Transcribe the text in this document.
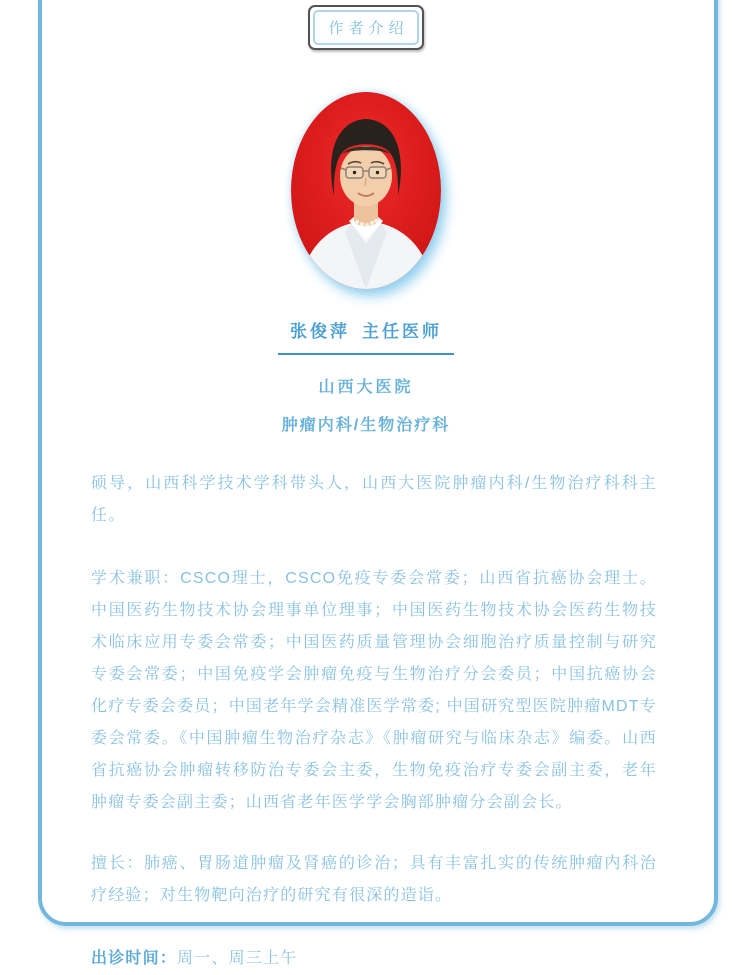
作者介绍
张俊萍 主任医师
山西大医院
肿瘤内科/生物治疗科
硕导，山西科学技术学科带头人，山西大医院肿瘤内科/生物治疗科科主任。
学术兼职：CSCO理士，CSCO免疫专委会常委；山西省抗癌协会理士。中国医药生物技术协会理事单位理事；中国医药生物技术协会医药生物技术临床应用专委会常委；中国医药质量管理协会细胞治疗质量控制与研究专委会常委；中国免疫学会肿瘤免疫与生物治疗分会委员；中国抗癌协会化疗专委会委员；中国老年学会精准医学常委; 中国研究型医院肿瘤MDT专委会常委。《中国肿瘤生物治疗杂志》《肿瘤研究与临床杂志》编委。山西省抗癌协会肿瘤转移防治专委会主委，生物免疫治疗专委会副主委，老年肿瘤专委会副主委；山西省老年医学学会胸部肿瘤分会副会长。
擅长：肺癌、胃肠道肿瘤及肾癌的诊治；具有丰富扎实的传统肿瘤内科治疗经验；对生物靶向治疗的研究有很深的造诣。
出诊时间：周一、周三上午
